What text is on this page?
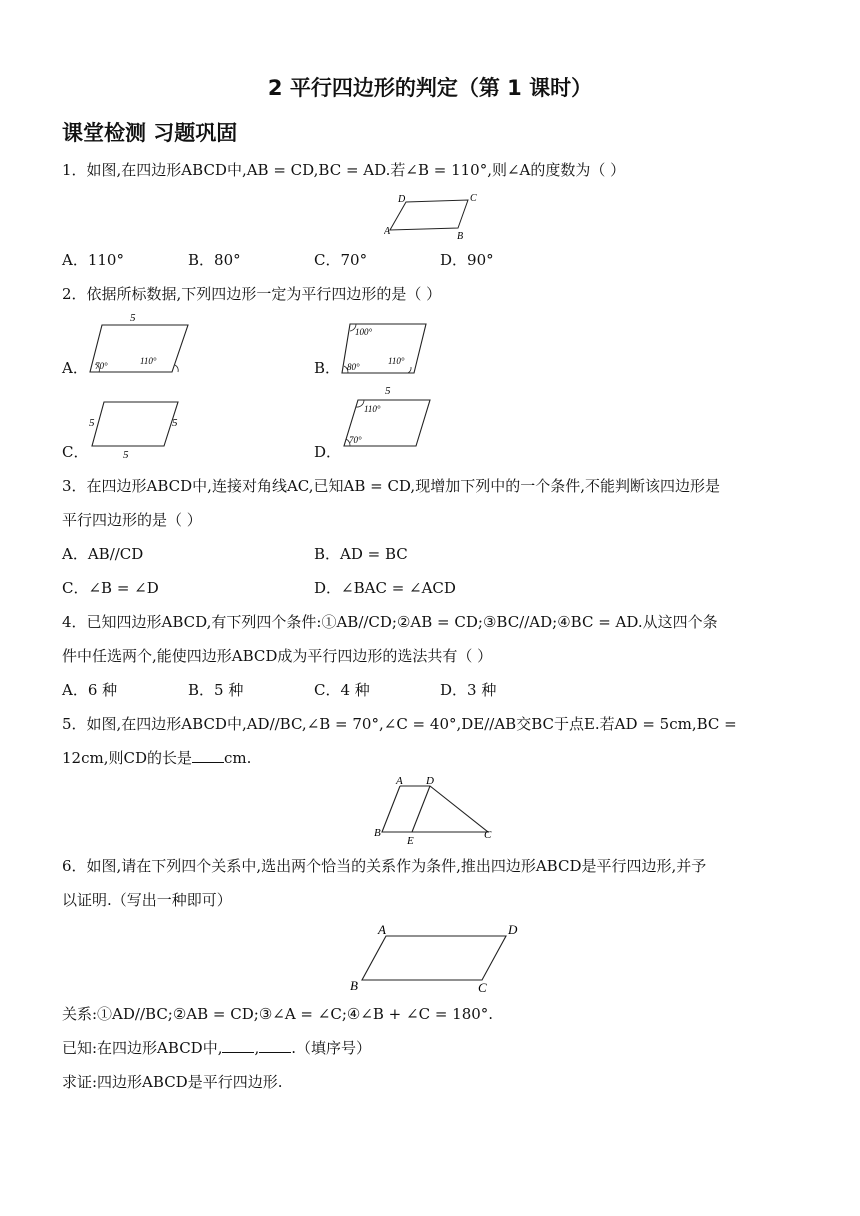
2 平行四边形的判定（第 1 课时）
课堂检测 习题巩固
1．如图,在四边形ABCD中,AB = CD,BC = AD.若∠B = 110°,则∠A的度数为（ ）
D	C
A	B
A．110°	B．80°	C．70°	D．90°
2．依据所标数据,下列四边形一定为平行四边形的是（ ）
A．
5
70°	110°	B．
100°
80°
110°
C．
5	5
5	D．
5
110°
70°
3．在四边形ABCD中,连接对角线AC,已知AB = CD,现增加下列中的一个条件,不能判断该四边形是
平行四边形的是（ ）
A．AB//CD	B．AD = BC
C．∠B = ∠D	D．∠BAC = ∠ACD
4．已知四边形ABCD,有下列四个条件:①AB//CD;②AB = CD;③BC//AD;④BC = AD.从这四个条
件中任选两个,能使四边形ABCD成为平行四边形的选法共有（ ）
A．6 种	B．5 种	C．4 种	D．3 种
5．如图,在四边形ABCD中,AD//BC,∠B = 70°,∠C = 40°,DE//AB交BC于点E.若AD = 5cm,BC =
12cm,则CD的长是 cm.
A D
B
E	C
6．如图,请在下列四个关系中,选出两个恰当的关系作为条件,推出四边形ABCD是平行四边形,并予
以证明.（写出一种即可）
A	D
B	C
关系:①AD//BC;②AB = CD;③∠A = ∠C;④∠B + ∠C = 180°.
已知:在四边形ABCD中, , .（填序号）
求证:四边形ABCD是平行四边形.
